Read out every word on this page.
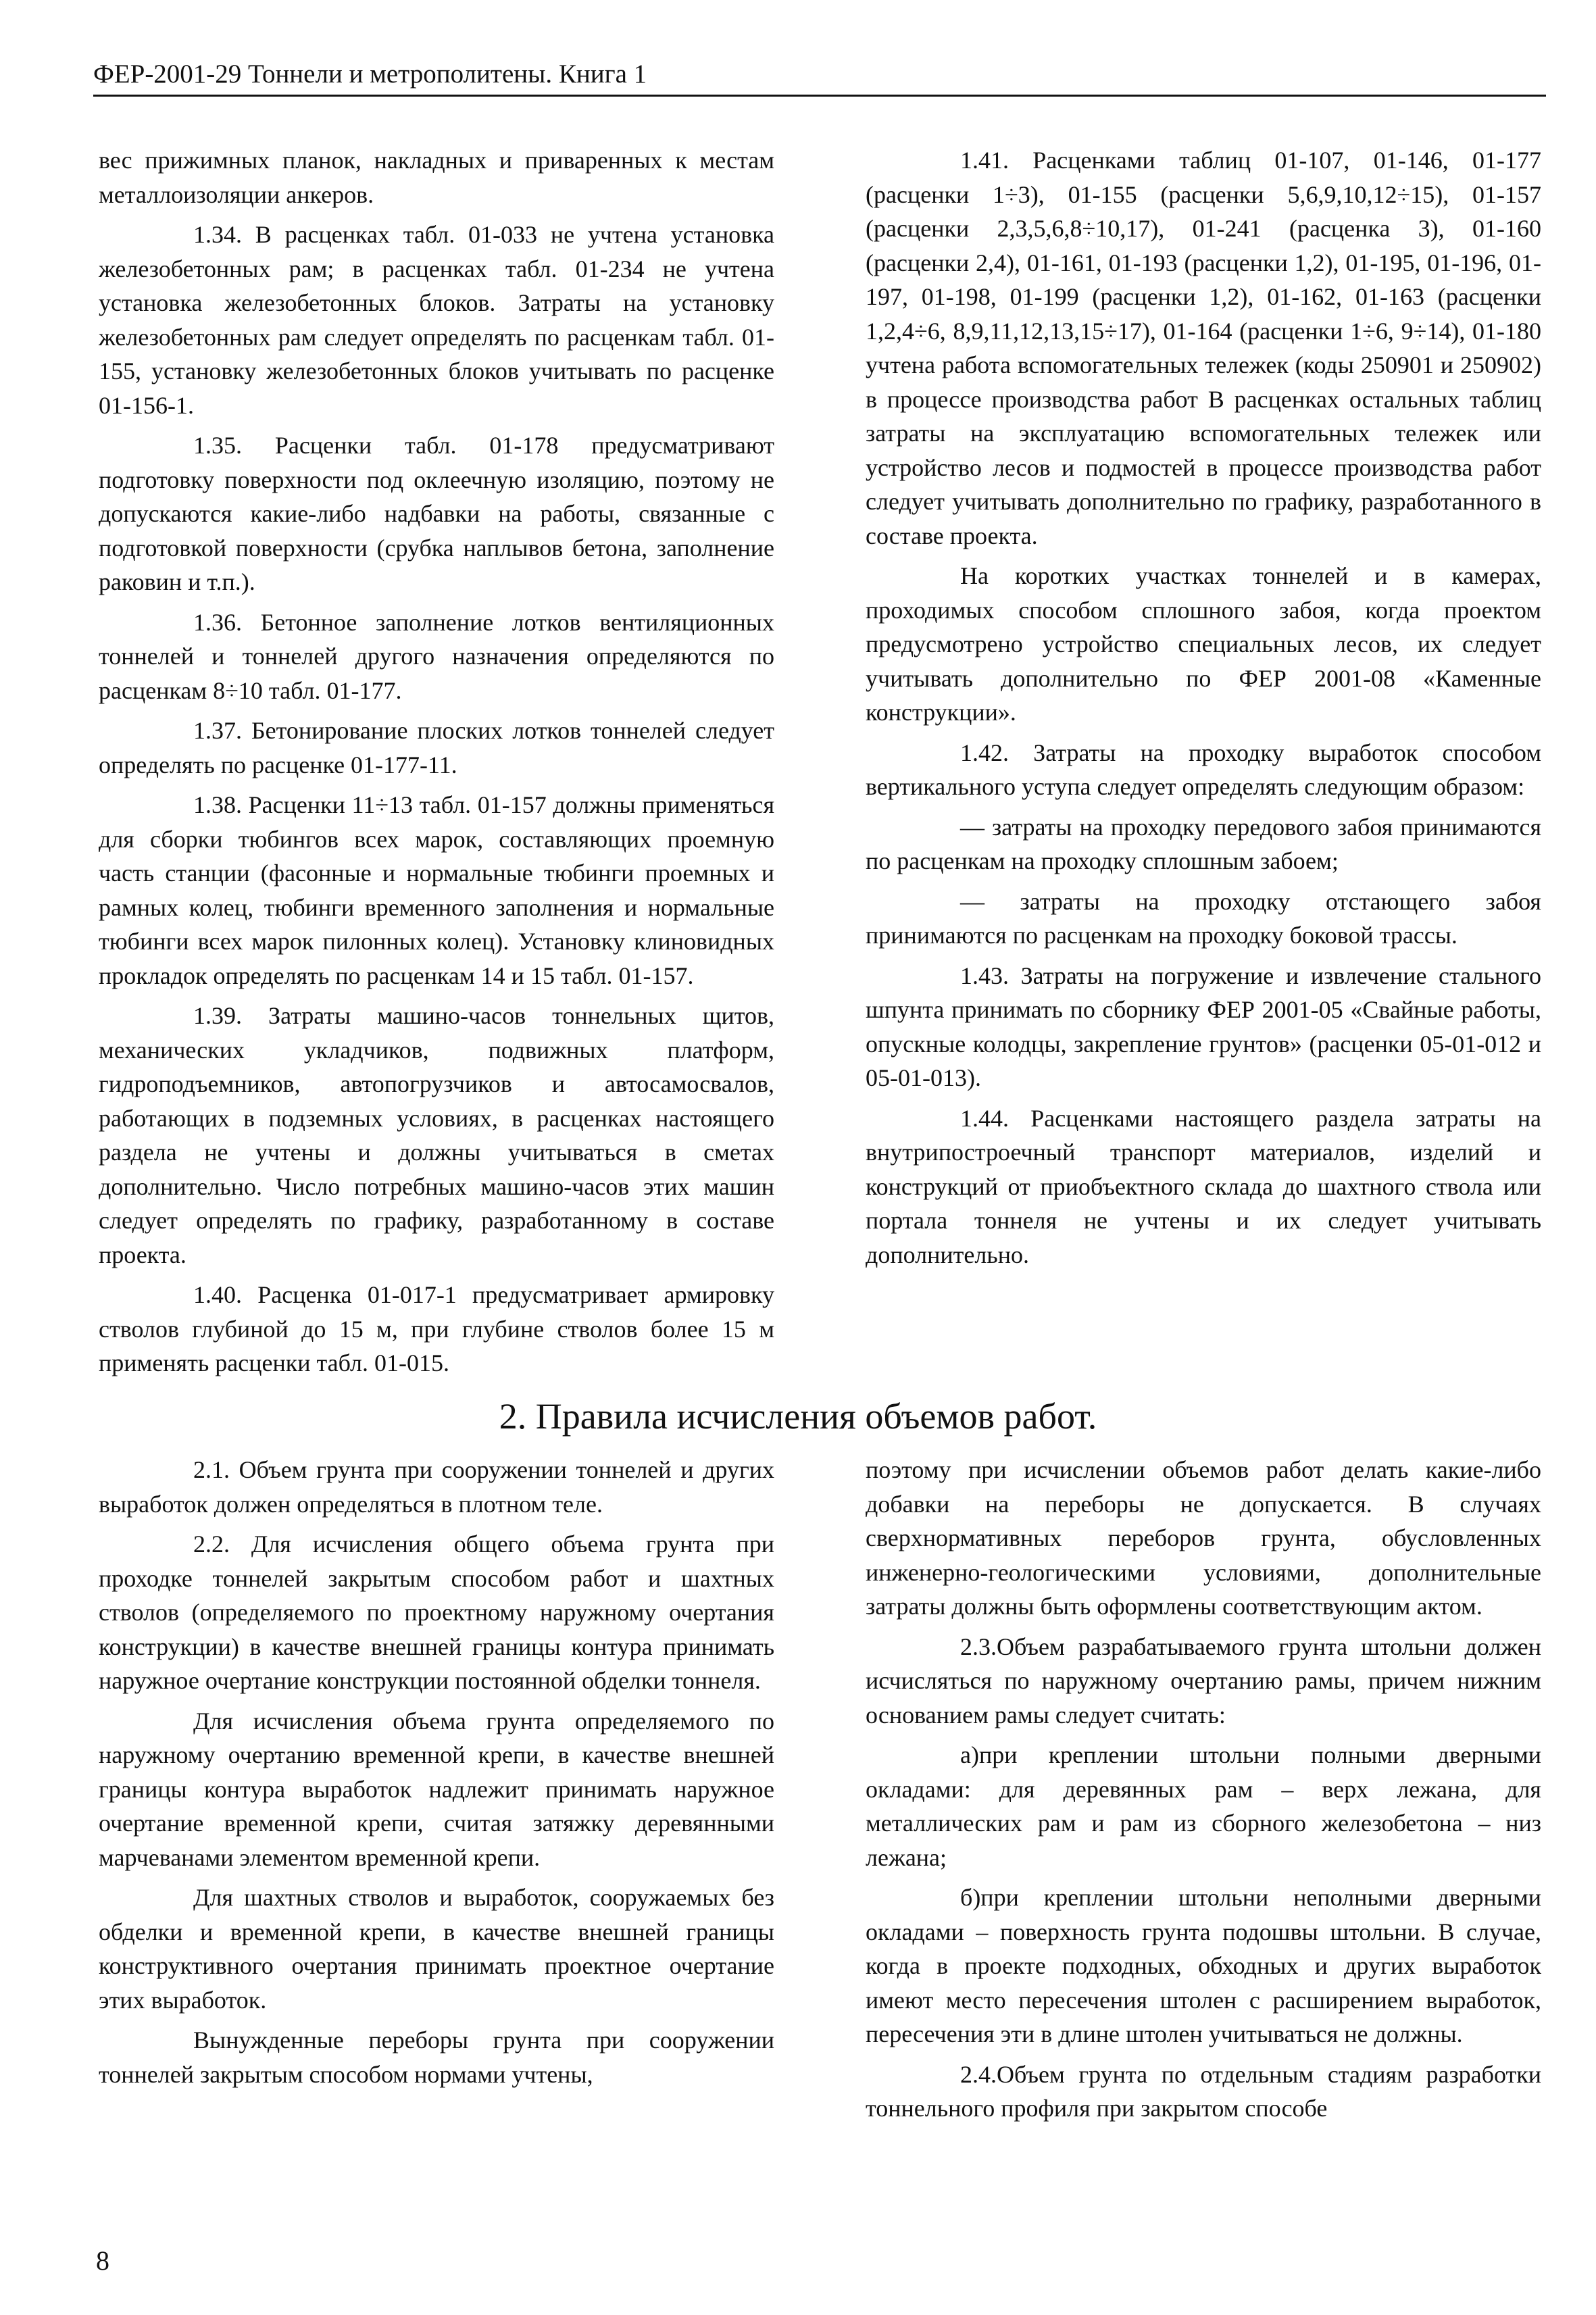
ФЕР-2001-29 Тоннели и метрополитены. Книга 1

вес прижимных планок, накладных и приваренных к местам металлоизоляции анкеров.

1.34. В расценках табл. 01-033 не учтена установка железобетонных рам; в расценках табл. 01-234 не учтена установка железобетонных блоков. Затраты на установку железобетонных рам следует определять по расценкам табл. 01-155, установку железобетонных блоков учитывать по расценке 01-156-1.

1.35. Расценки табл. 01-178 предусматривают подготовку поверхности под оклеечную изоляцию, поэтому не допускаются какие-либо надбавки на работы, связанные с подготовкой поверхности (срубка наплывов бетона, заполнение раковин и т.п.).

1.36. Бетонное заполнение лотков вентиляционных тоннелей и тоннелей другого назначения определяются по расценкам 8÷10 табл. 01-177.

1.37. Бетонирование плоских лотков тоннелей следует определять по расценке 01-177-11.

1.38. Расценки 11÷13 табл. 01-157 должны применяться для сборки тюбингов всех марок, составляющих проемную часть станции (фасонные и нормальные тюбинги проемных и рамных колец, тюбинги временного заполнения и нормальные тюбинги всех марок пилонных колец). Установку клиновидных прокладок определять по расценкам 14 и 15 табл. 01-157.

1.39. Затраты машино-часов тоннельных щитов, механических укладчиков, подвижных платформ, гидроподъемников, автопогрузчиков и автосамосвалов, работающих в подземных условиях, в расценках настоящего раздела не учтены и должны учитываться в сметах дополнительно. Число потребных машино-часов этих машин следует определять по графику, разработанному в составе проекта.

1.40. Расценка 01-017-1 предусматривает армировку стволов глубиной до 15 м, при глубине стволов более 15 м применять расценки табл. 01-015.

1.41. Расценками таблиц 01-107, 01-146, 01-177 (расценки 1÷3), 01-155 (расценки 5,6,9,10,12÷15), 01-157 (расценки 2,3,5,6,8÷10,17), 01-241 (расценка 3), 01-160 (расценки 2,4), 01-161, 01-193 (расценки 1,2), 01-195, 01-196, 01-197, 01-198, 01-199 (расценки 1,2), 01-162, 01-163 (расценки 1,2,4÷6, 8,9,11,12,13,15÷17), 01-164 (расценки 1÷6, 9÷14), 01-180 учтена работа вспомогательных тележек (коды 250901 и 250902) в процессе производства работ В расценках остальных таблиц затраты на эксплуатацию вспомогательных тележек или устройство лесов и подмостей в процессе производства работ следует учитывать дополнительно по графику, разработанного в составе проекта.

На коротких участках тоннелей и в камерах, проходимых способом сплошного забоя, когда проектом предусмотрено устройство специальных лесов, их следует учитывать дополнительно по ФЕР 2001-08 «Каменные конструкции».

1.42. Затраты на проходку выработок способом вертикального уступа следует определять следующим образом:

— затраты на проходку передового забоя принимаются по расценкам на проходку сплошным забоем;

— затраты на проходку отстающего забоя принимаются по расценкам на проходку боковой трассы.

1.43. Затраты на погружение и извлечение стального шпунта принимать по сборнику ФЕР 2001-05 «Свайные работы, опускные колодцы, закрепление грунтов» (расценки 05-01-012 и 05-01-013).

1.44. Расценками настоящего раздела затраты на внутрипостроечный транспорт материалов, изделий и конструкций от приобъектного склада до шахтного ствола или портала тоннеля не учтены и их следует учитывать дополнительно.

2. Правила исчисления объемов работ.

2.1. Объем грунта при сооружении тоннелей и других выработок должен определяться в плотном теле.

2.2. Для исчисления общего объема грунта при проходке тоннелей закрытым способом работ и шахтных стволов (определяемого по проектному наружному очертания конструкции) в качестве внешней границы контура принимать наружное очертание конструкции постоянной обделки тоннеля.

Для исчисления объема грунта определяемого по наружному очертанию временной крепи, в качестве внешней границы контура выработок надлежит принимать наружное очертание временной крепи, считая затяжку деревянными марчеванами элементом временной крепи.

Для шахтных стволов и выработок, сооружаемых без обделки и временной крепи, в качестве внешней границы конструктивного очертания принимать проектное очертание этих выработок.

Вынужденные переборы грунта при сооружении тоннелей закрытым способом нормами учтены,

поэтому при исчислении объемов работ делать какие-либо добавки на переборы не допускается. В случаях сверхнормативных переборов грунта, обусловленных инженерно-геологическими условиями, дополнительные затраты должны быть оформлены соответствующим актом.

2.3.Объем разрабатываемого грунта штольни должен исчисляться по наружному очертанию рамы, причем нижним основанием рамы следует считать:

а)при креплении штольни полными дверными окладами: для деревянных рам – верх лежана, для металлических рам и рам из сборного железобетона – низ лежана;

б)при креплении штольни неполными дверными окладами – поверхность грунта подошвы штольни. В случае, когда в проекте подходных, обходных и других выработок имеют место пересечения штолен с расширением выработок, пересечения эти в длине штолен учитываться не должны.

2.4.Объем грунта по отдельным стадиям разработки тоннельного профиля при закрытом способе

8
